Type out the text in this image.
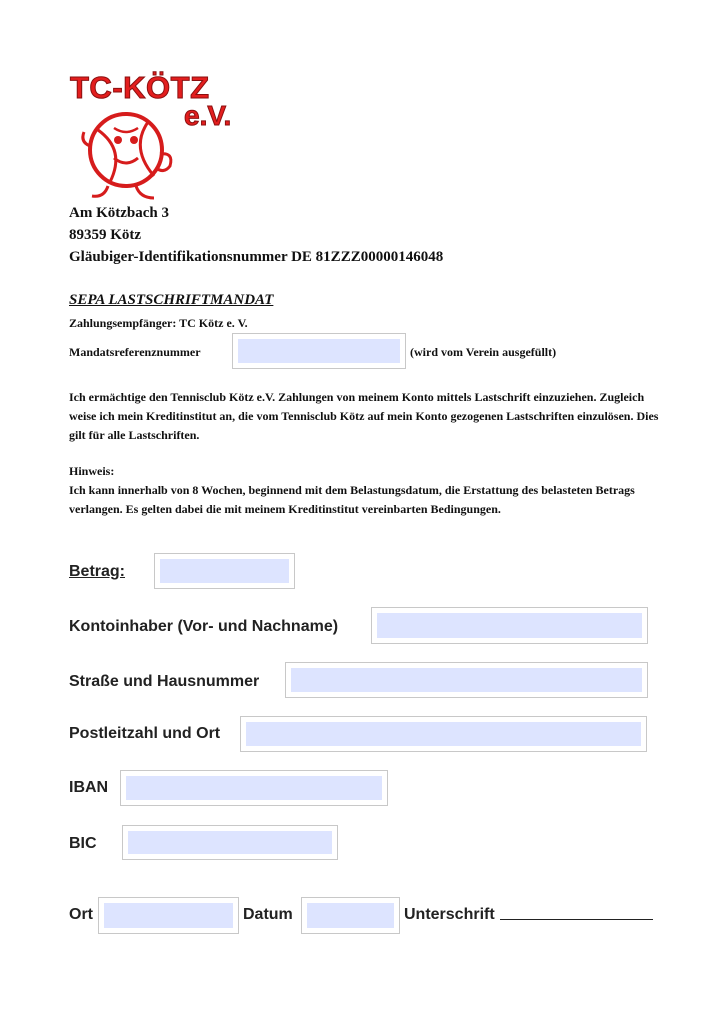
TC-KÖTZ
e.V.
Am Kötzbach 3
89359 Kötz
Gläubiger-Identifikationsnummer DE 81ZZZ00000146048
SEPA LASTSCHRIFTMANDAT
Zahlungsempfänger: TC Kötz e. V.
Mandatsreferenznummer	(wird vom Verein ausgefüllt)
Ich ermächtige den Tennisclub Kötz e.V. Zahlungen von meinem Konto mittels Lastschrift einzuziehen. Zugleich weise ich mein Kreditinstitut an, die vom Tennisclub Kötz auf mein Konto gezogenen Lastschriften einzulösen. Dies gilt für alle Lastschriften.
Hinweis:
Ich kann innerhalb von 8 Wochen, beginnend mit dem Belastungsdatum, die Erstattung des belasteten Betrags verlangen. Es gelten dabei die mit meinem Kreditinstitut vereinbarten Bedingungen.
Betrag:
Kontoinhaber (Vor- und Nachname)
Straße und Hausnummer
Postleitzahl und Ort
IBAN
BIC
Ort	Datum	Unterschrift
